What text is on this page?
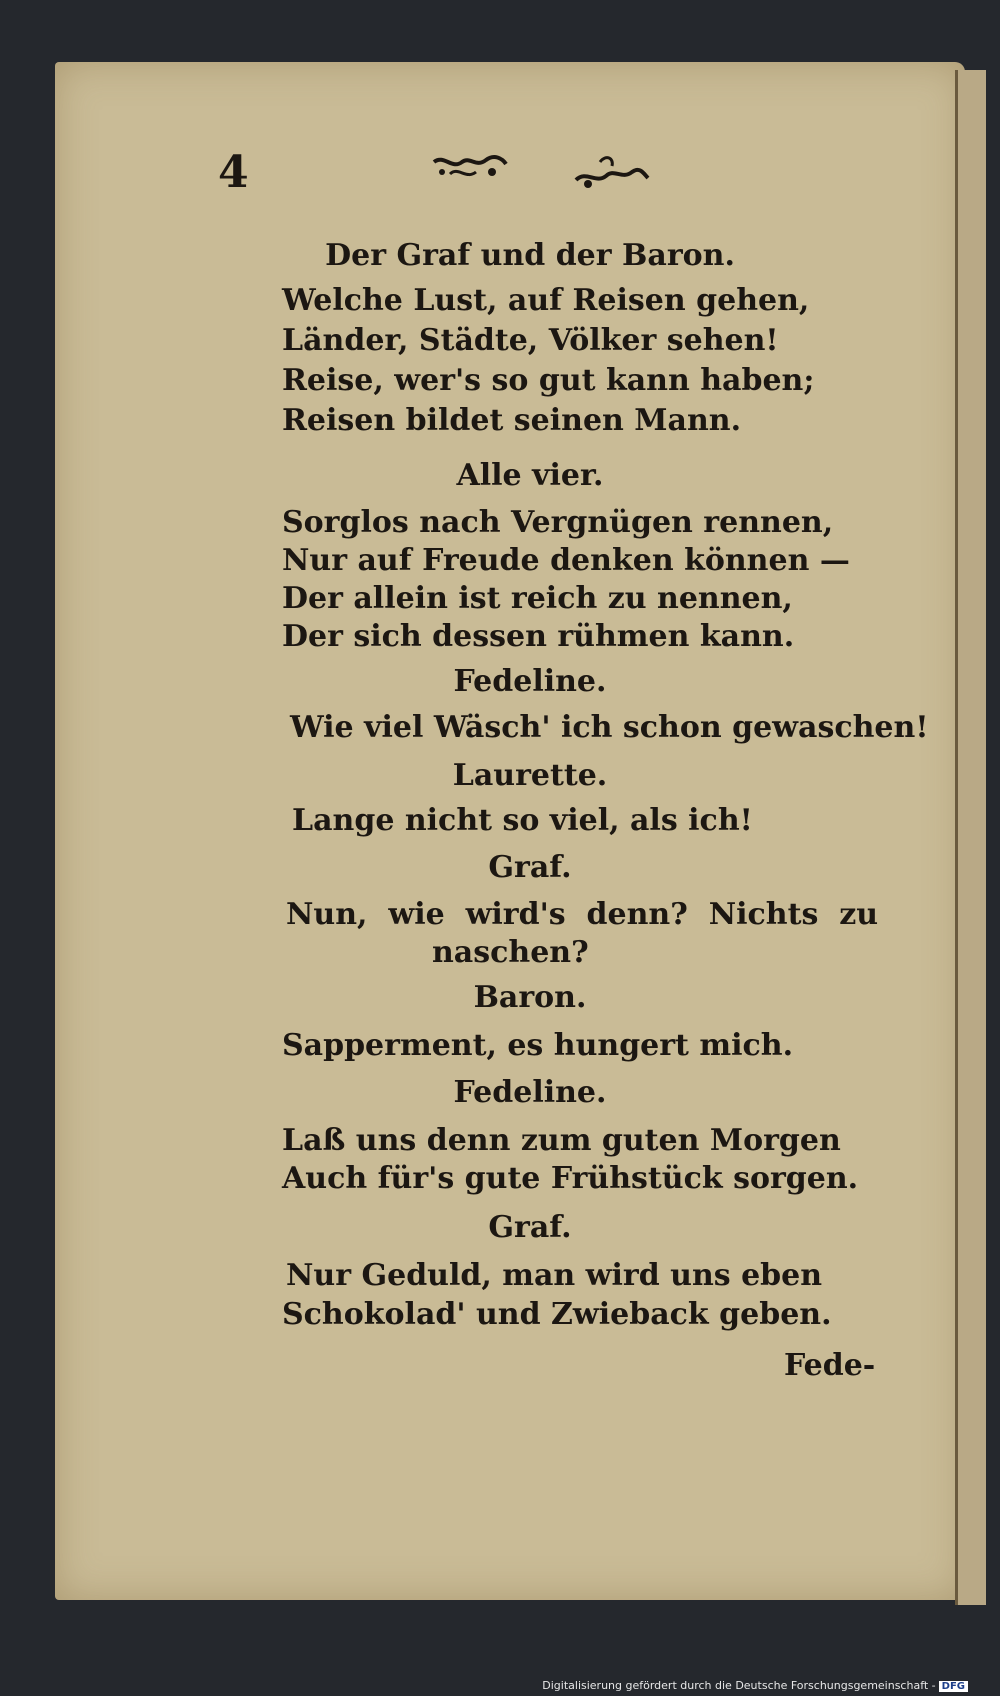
4
Der Graf und der Baron.
Welche Lust, auf Reisen gehen,
Länder, Städte, Völker sehen!
Reise, wer's so gut kann haben;
Reisen bildet seinen Mann.
Alle vier.
Sorglos nach Vergnügen rennen,
Nur auf Freude denken können —
Der allein ist reich zu nennen,
Der sich dessen rühmen kann.
Fedeline.
Wie viel Wäsch' ich schon gewaschen!
Laurette.
Lange nicht so viel, als ich!
Graf.
Nun,  wie  wird's  denn?  Nichts  zu
naschen?
Baron.
Sapperment, es hungert mich.
Fedeline.
Laß uns denn zum guten Morgen
Auch für's gute Frühstück sorgen.
Graf.
Nur Geduld, man wird uns eben
Schokolad' und Zwieback geben.
Fede-
Digitalisierung gefördert durch die Deutsche Forschungsgemeinschaft - DFG
